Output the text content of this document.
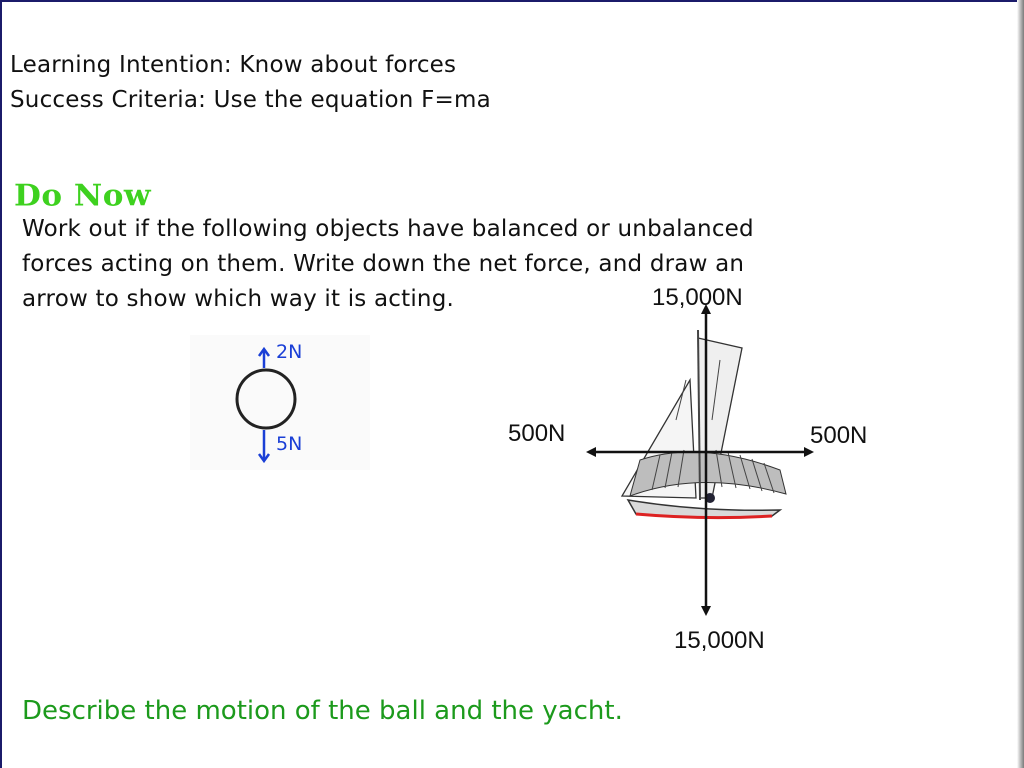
Learning Intention: Know about forces
Success Criteria: Use the equation F=ma
Do Now
Work out if the following objects have balanced or unbalanced
forces acting on them. Write down the net force, and draw an
arrow to show which way it is acting.
2N
5N
15,000N
500N	500N
15,000N
Describe the motion of the ball and the yacht.
